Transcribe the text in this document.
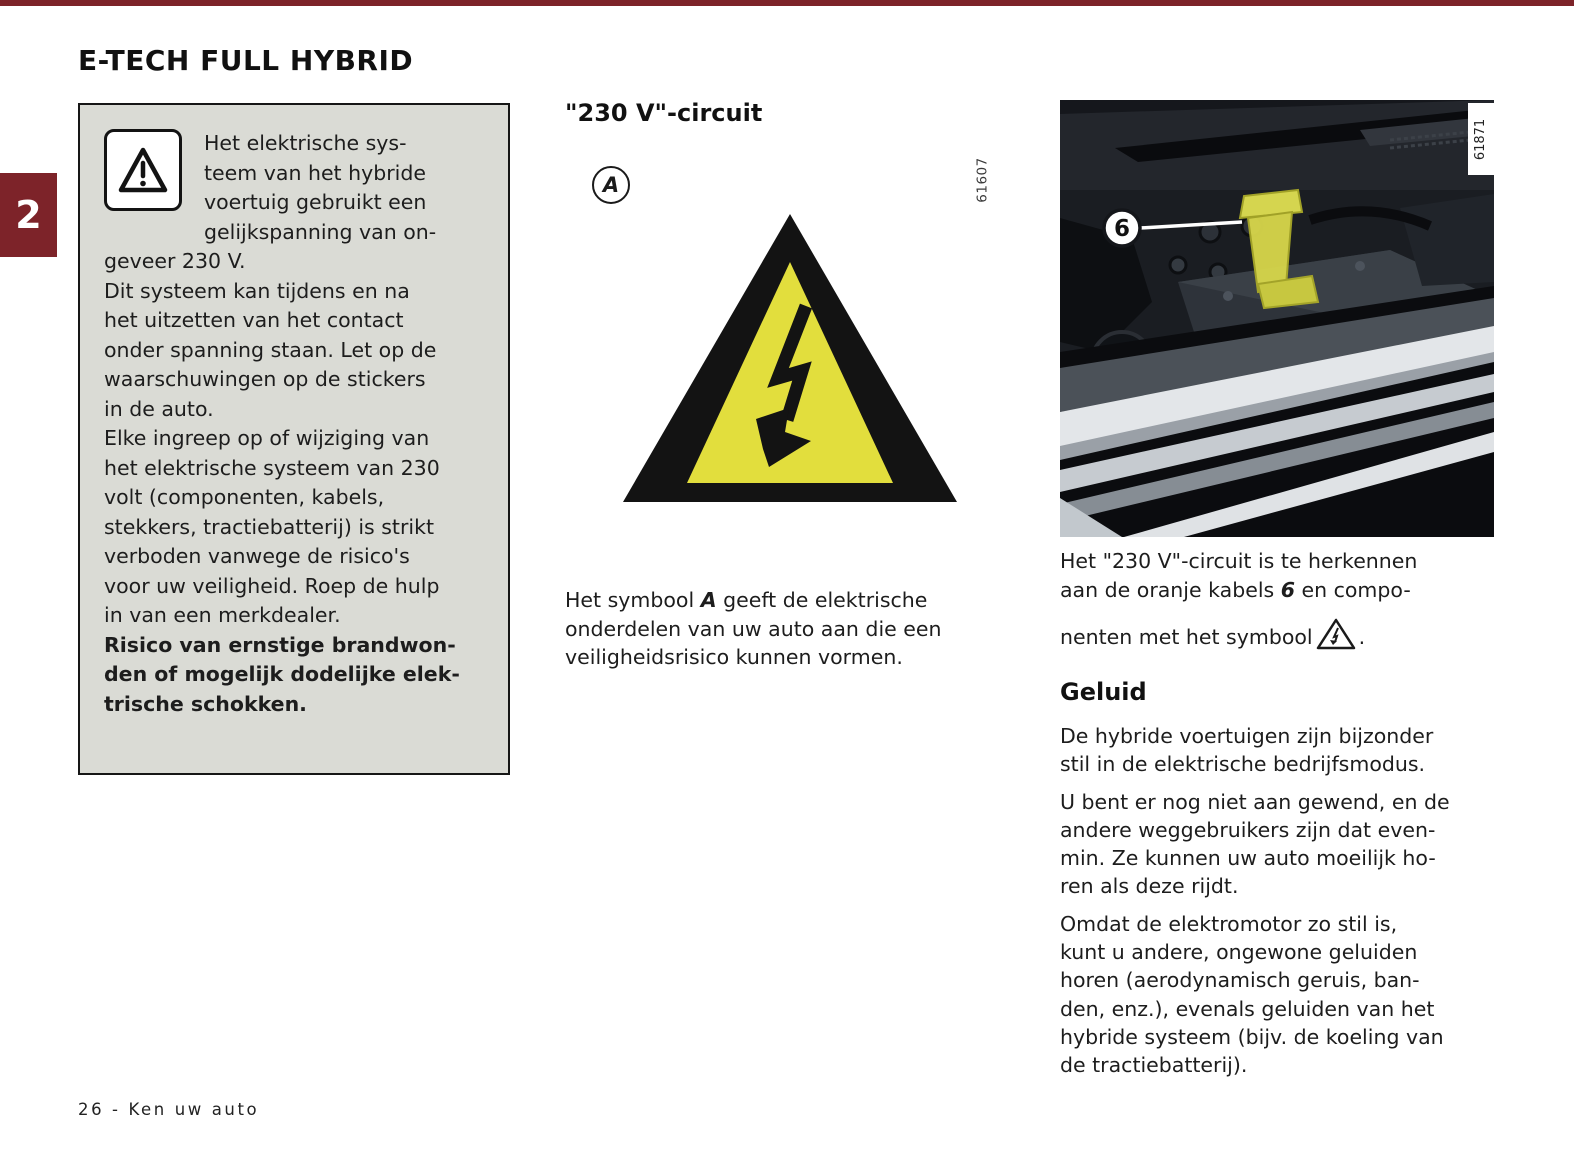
2
E-TECH FULL HYBRID
Het elektrische sys-
teem van het hybride
voertuig gebruikt een
gelijkspanning van on-
geveer 230 V.
Dit systeem kan tijdens en na
het uitzetten van het contact
onder spanning staan. Let op de
waarschuwingen op de stickers
in de auto.
Elke ingreep op of wijziging van
het elektrische systeem van 230
volt (componenten, kabels,
stekkers, tractiebatterij) is strikt
verboden vanwege de risico's
voor uw veiligheid. Roep de hulp
in van een merkdealer.
Risico van ernstige brandwon-
den of mogelijk dodelijke elek-
trische schokken.
"230 V"-circuit
A	61607
Het symbool A geeft de elektrische
onderdelen van uw auto aan die een
veiligheidsrisico kunnen vormen.
6
61871
Het "230 V"-circuit is te herkennen
aan de oranje kabels 6 en compo-
nenten met het symbool .
Geluid
De hybride voertuigen zijn bijzonder
stil in de elektrische bedrijfsmodus.
U bent er nog niet aan gewend, en de
andere weggebruikers zijn dat even-
min. Ze kunnen uw auto moeilijk ho-
ren als deze rijdt.
Omdat de elektromotor zo stil is,
kunt u andere, ongewone geluiden
horen (aerodynamisch geruis, ban-
den, enz.), evenals geluiden van het
hybride systeem (bijv. de koeling van
de tractiebatterij).
26 - Ken uw auto
